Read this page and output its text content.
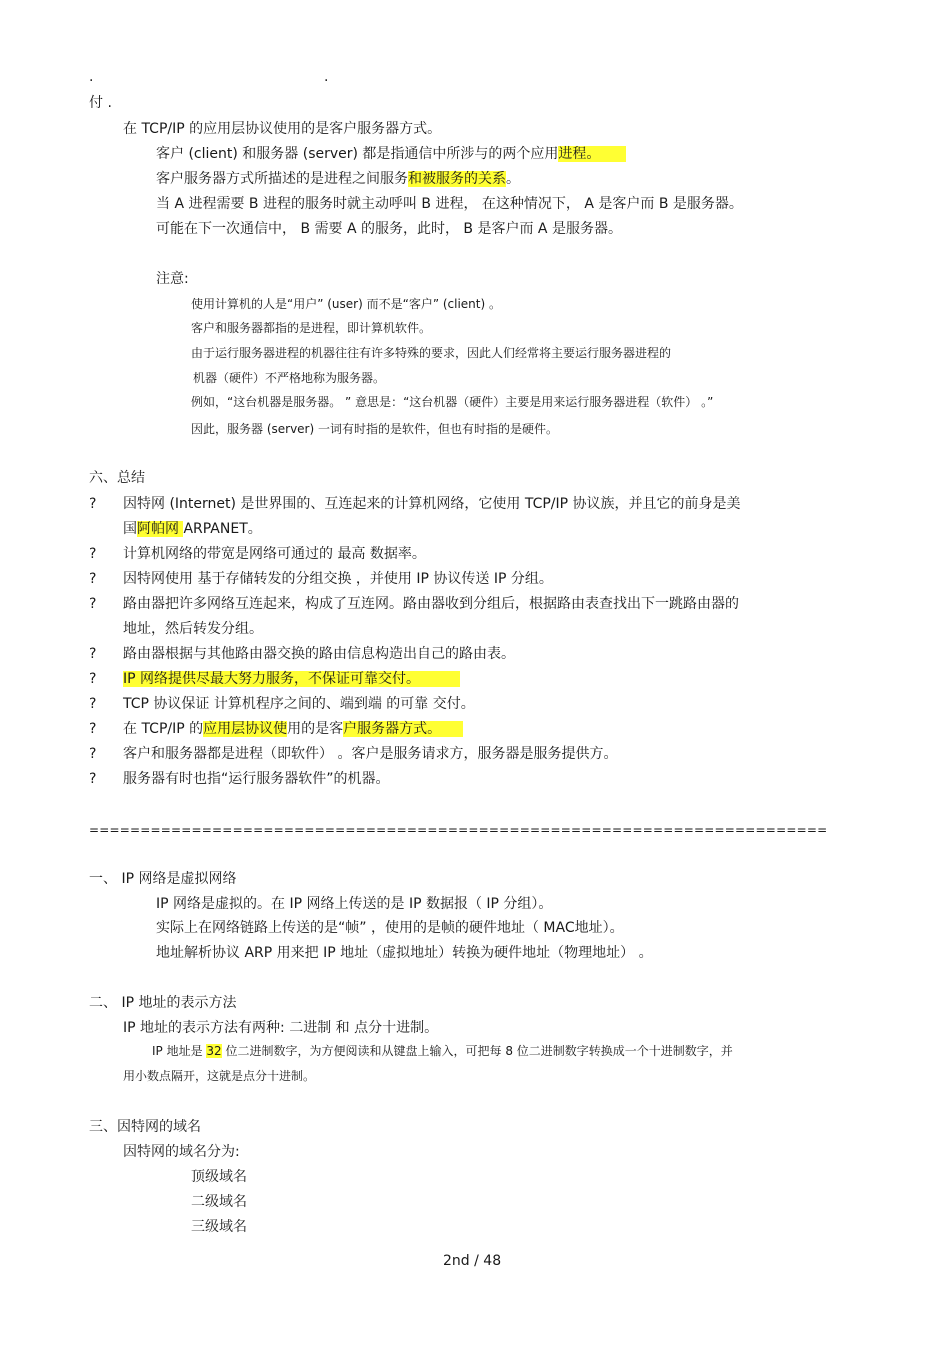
.	.
付 .
在 TCP/IP 的应用层协议使用的是客户服务器方式。
客户 (client) 和服务器 (server) 都是指通信中所涉与的两个应用进程。
客户服务器方式所描述的是进程之间服务和被服务的关系。
当 A 进程需要 B 进程的服务时就主动呼叫 B 进程， 在这种情况下， A 是客户而 B 是服务器。
可能在下一次通信中， B 需要 A 的服务，此时， B 是客户而 A 是服务器。
注意:
使用计算机的人是“用户” (user) 而不是“客户” (client) 。
客户和服务器都指的是进程，即计算机软件。
由于运行服务器进程的机器往往有许多特殊的要求，因此人们经常将主要运行服务器进程的
机器（硬件）不严格地称为服务器。
例如，“这台机器是服务器。 ” 意思是：“这台机器（硬件）主要是用来运行服务器进程（软件） 。”
因此，服务器 (server) 一词有时指的是软件，但也有时指的是硬件。
六、总结
? 因特网 (Internet) 是世界围的、互连起来的计算机网络，它使用 TCP/IP 协议族，并且它的前身是美
国阿帕网 ARPANET。
? 计算机网络的带宽是网络可通过的 最高 数据率。
? 因特网使用 基于存储转发的分组交换 ，并使用 IP 协议传送 IP 分组。
? 路由器把许多网络互连起来，构成了互连网。路由器收到分组后，根据路由表查找出下一跳路由器的
地址，然后转发分组。
? 路由器根据与其他路由器交换的路由信息构造出自己的路由表。
? IP 网络提供尽最大努力服务，不保证可靠交付。
? TCP 协议保证 计算机程序之间的、端到端 的可靠 交付。
? 在 TCP/IP 的应用层协议使用的是客户服务器方式。
? 客户和服务器都是进程（即软件） 。客户是服务请求方，服务器是服务提供方。
? 服务器有时也指“运行服务器软件”的机器。
========================================================================
一、 IP 网络是虚拟网络
IP 网络是虚拟的。在 IP 网络上传送的是 IP 数据报（ IP 分组）。
实际上在网络链路上传送的是“帧” ，使用的是帧的硬件地址（ MAC地址）。
地址解析协议 ARP 用来把 IP 地址（虚拟地址）转换为硬件地址（物理地址） 。
二、 IP 地址的表示方法
IP 地址的表示方法有两种: 二进制 和 点分十进制。
IP 地址是 32 位二进制数字，为方便阅读和从键盘上输入，可把每 8 位二进制数字转换成一个十进制数字，并
用小数点隔开，这就是点分十进制。
三、因特网的域名
因特网的域名分为:
顶级域名
二级域名
三级域名
2nd / 48
